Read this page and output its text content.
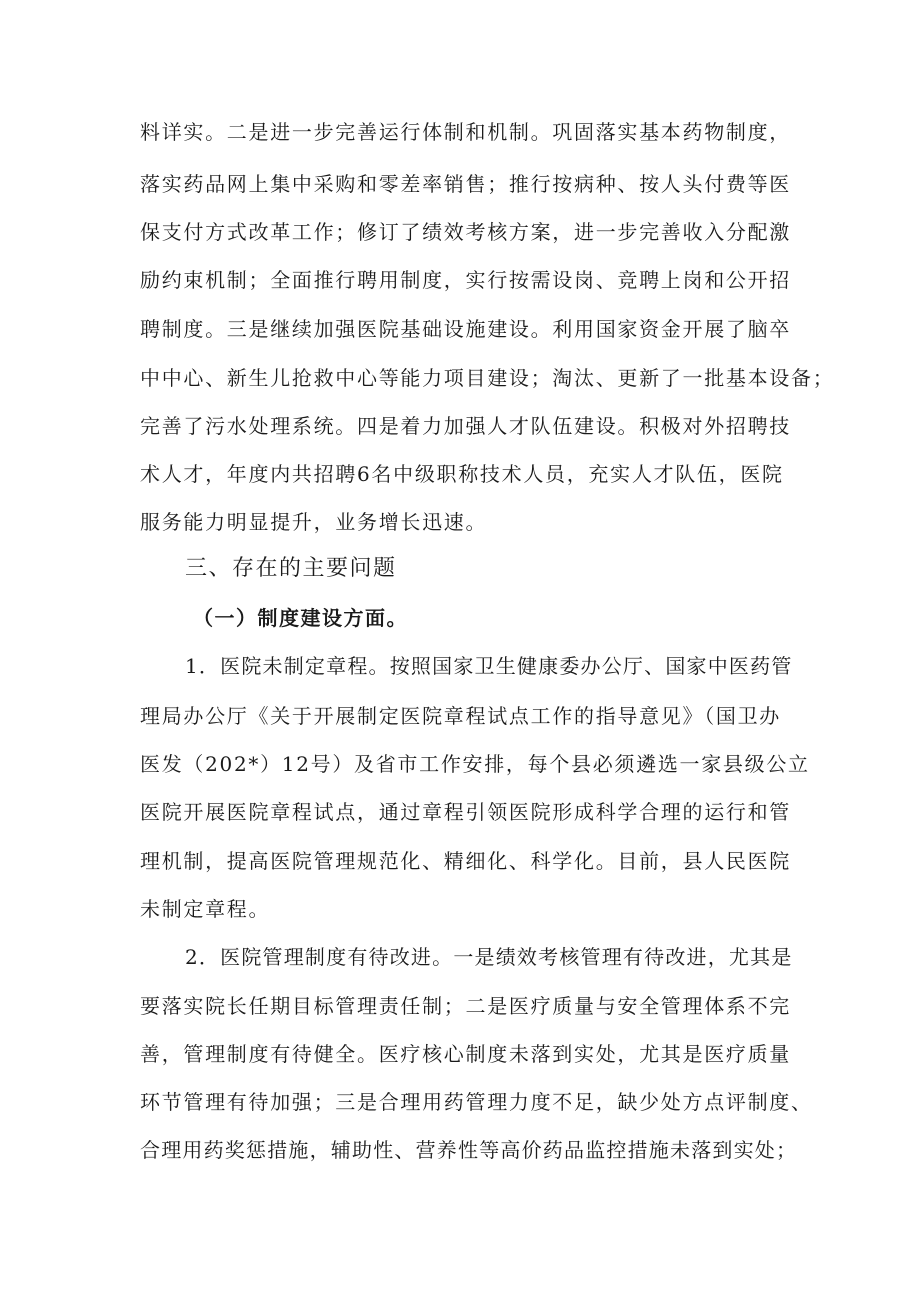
料详实。二是进一步完善运行体制和机制。巩固落实基本药物制度，
落实药品网上集中采购和零差率销售；推行按病种、按人头付费等医
保支付方式改革工作；修订了绩效考核方案，进一步完善收入分配激
励约束机制；全面推行聘用制度，实行按需设岗、竞聘上岗和公开招
聘制度。三是继续加强医院基础设施建设。利用国家资金开展了脑卒
中中心、新生儿抢救中心等能力项目建设；淘汰、更新了一批基本设备；
完善了污水处理系统。四是着力加强人才队伍建设。积极对外招聘技
术人才，年度内共招聘6名中级职称技术人员，充实人才队伍，医院
服务能力明显提升，业务增长迅速。
三、存在的主要问题
（一）制度建设方面。
1．医院未制定章程。按照国家卫生健康委办公厅、国家中医药管
理局办公厅《关于开展制定医院章程试点工作的指导意见》（国卫办
医发（202*）12号）及省市工作安排，每个县必须遴选一家县级公立
医院开展医院章程试点，通过章程引领医院形成科学合理的运行和管
理机制，提高医院管理规范化、精细化、科学化。目前，县人民医院
未制定章程。
2．医院管理制度有待改进。一是绩效考核管理有待改进，尤其是
要落实院长任期目标管理责任制；二是医疗质量与安全管理体系不完
善，管理制度有待健全。医疗核心制度未落到实处，尤其是医疗质量
环节管理有待加强；三是合理用药管理力度不足，缺少处方点评制度、
合理用药奖惩措施，辅助性、营养性等高价药品监控措施未落到实处；
